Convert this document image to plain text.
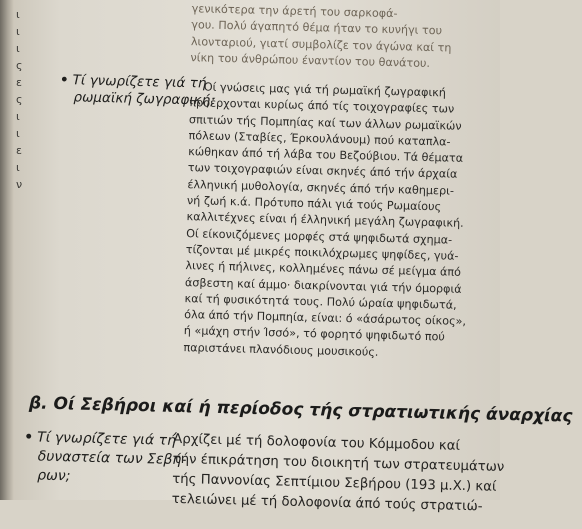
ι
ι
ι
ς
ε
ς
ι
ι
ε
ι
ν
γενικότερα την άρετή του σαρκοφά-
γου. Πολύ άγαπητό θέμα ήταν το κυνήγι του
λιονταριού, γιατί συμβολίζε τον άγώνα καί τη
νίκη του άνθρώπου έναντίον του θανάτου.
• Τί γνωρίζετε γιά τή
ρωμαϊκή ζωγραφική;
Οί γνώσεις μας γιά τή ρωμαϊκή ζωγραφική
προέρχονται κυρίως άπό τίς τοιχογραφίες των
σπιτιών τής Πομπηίας καί των άλλων ρωμαϊκών
πόλεων (Σταβίες, Έρκουλάνουμ) πού καταπλα-
κώθηκαν άπό τή λάβα του Βεζούβιου. Τά θέματα
των τοιχογραφιών είναι σκηνές άπό τήν άρχαία
έλληνική μυθολογία, σκηνές άπό τήν καθημερι-
νή ζωή κ.ά. Πρότυπο πάλι γιά τούς Ρωμαίους
καλλιτέχνες είναι ή έλληνική μεγάλη ζωγραφική.
Οί είκονιζόμενες μορφές στά ψηφιδωτά σχημα-
τίζονται μέ μικρές ποικιλόχρωμες ψηφίδες, γυά-
λινες ή πήλινες, κολλημένες πάνω σέ μείγμα άπό
άσβεστη καί άμμο· διακρίνονται γιά τήν όμορφιά
καί τή φυσικότητά τους. Πολύ ώραία ψηφιδωτά,
όλα άπό τήν Πομπηία, είναι: ό «άσάρωτος οίκος»,
ή «μάχη στήν Ίσσό», τό φορητό ψηφιδωτό πού
παριστάνει πλανόδιους μουσικούς.
β. Οί Σεβήροι καί ή περίοδος τής στρατιωτικής άναρχίας
• Τί γνωρίζετε γιά τή
δυναστεία των Σεβή-
ρων;
Άρχίζει μέ τή δολοφονία του Κόμμοδου καί
τήν έπικράτηση του διοικητή των στρατευμάτων
τής Παννονίας Σεπτίμιου Σεβήρου (193 μ.Χ.) καί
τελειώνει μέ τή δολοφονία άπό τούς στρατιώ-
